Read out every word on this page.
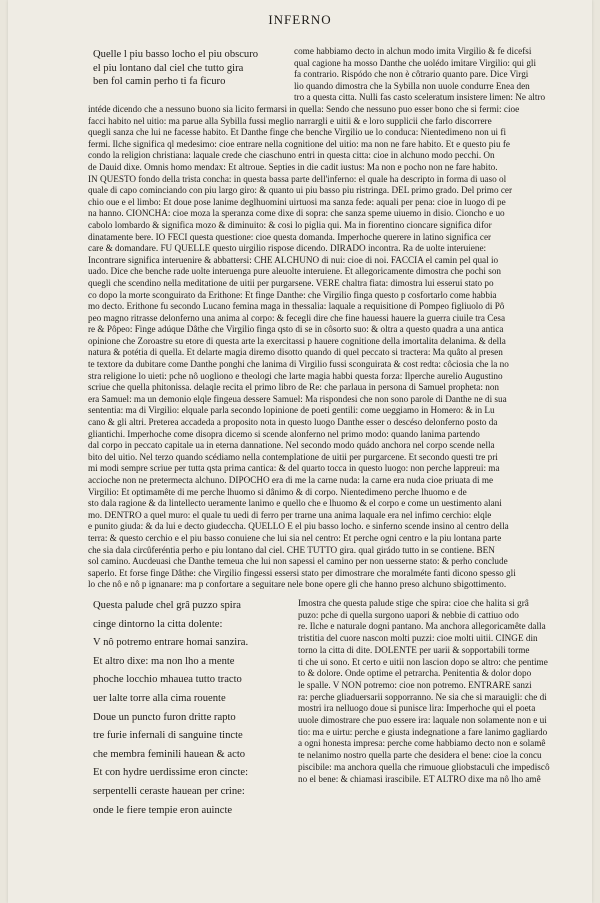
INFERNO
Quelle l piu basso locho el piu obscuro
el piu lontano dal ciel che tutto gira
ben fol camin perho ti fa ficuro
come habbiamo decto in alchun modo imita Virgilio & fe dicefsi
qual cagione ha mosso Danthe che uolédo imitare Virgilio: qui gli
fa contrario. Rispódo che non è côtrario quanto pare. Dice Virgi
lio quando dimostra che la Sybilla non uuole condurre Enea den
tro a questa citta. Nulli fas casto sceleratum insistere limen: Ne altro
intéde dicendo che a nessuno buono sia licito fermarsi in quella: Sendo che nessuno puo esser bono che si fermi: cioe
facci habito nel uitio: ma parue alla Sybilla fussi meglio narrargli e uitii & e loro supplicii che farlo discorrere
quegli sanza che lui ne facesse habito. Et Danthe finge che benche Virgilio ue lo conduca: Nientedimeno non ui fi
fermi. Ilche significa ql medesimo: cioe entrare nella cognitione del uitio: ma non ne fare habito. Et e questo piu fe
condo la religion christiana: laquale crede che ciaschuno entri in questa citta: cioe in alchuno modo pecchi. On
de Dauid dixe. Omnis homo mendax: Et altroue. Septies in die cadit iustus: Ma non e pocho non ne fare habito.
IN QUESTO fondo della trista concha: in questa bassa parte dell'inferno: el quale ha descripto in forma di uaso ol
quale di capo cominciando con piu largo giro: & quanto ui piu basso piu ristringa. DEL primo grado. Del primo cer
chio oue e el limbo: Et doue pose lanime deglhuomini uirtuosi ma sanza fede: aquali per pena: cioe in luogo di pe
na hanno. CIONCHA: cioe moza la speranza come dixe di sopra: che sanza speme uiuemo in disio. Cioncho e uo
cabolo lombardo & significa mozo & diminuito: & cosi lo piglia qui. Ma in fiorentino cioncare significa difor
dinatamente bere. IO FECI questa questione: cioe questa domanda. Imperhoche querere in latino significa cer
care & domandare. FU QUELLE questo uirgilio rispose dicendo. DIRADO incontra. Ra de uolte interuiene:
Incontrare significa interuenire & abbattersi: CHE ALCHUNO di nui: cioe di noi. FACCIA el camin pel qual io
uado. Dice che benche rade uolte interuenga pure aleuolte interuiene. Et allegoricamente dimostra che pochi son
quegli che scendino nella meditatione de uitii per purgarsene. VERE chaltra fiata: dimostra lui esserui stato po
co dopo la morte sconguirato da Erithone: Et finge Danthe: che Virgilio finga questo p cosfortarlo come habbia
mo decto. Erithone fu secondo Lucano femina maga in thessalia: laquale a requisitione di Pompeo figliuolo di Pô
peo magno ritrasse delonferno una anima al corpo: & fecegli dire che fine hauessi hauere la guerra ciuile tra Cesa
re & Pôpeo: Finge adúque Dâthe che Virgilio finga qsto di se in côsorto suo: & oltra a questo quadra a una antica
opinione che Zoroastre su etore di questa arte la exercitassi p hauere cognitione della imortalita delanima. & della
natura & potétia di quella. Et delarte magia diremo disotto quando di quel peccato si tractera: Ma quâto al presen
te textore da dubitare come Danthe ponghi che lanima di Virgilio fussi sconguirata & cost redta: côciosia che la no
stra religione lo uieti: pche nô uogliono e theologi che larte magia habbi questa forza: Ilperche aurelio Augustino
scriue che quella phitonissa. delaqle recita el primo libro de Re: che parlaua in persona di Samuel propheta: non
era Samuel: ma un demonio elqle fingeua dessere Samuel: Ma rispondesi che non sono parole di Danthe ne di sua
sententia: ma di Virgilio: elquale parla secondo lopinione de poeti gentili: come ueggiamo in Homero: & in Lu
cano & gli altri. Preterea accadeda a proposito nota in questo luogo Danthe esser o descéso delonferno posto da
gliantichi. Imperhoche come disopra dicemo si scende alonferno nel primo modo: quando lanima partendo
dal corpo in peccato capitale ua in eterna dannatione. Nel secondo modo quádo anchora nel corpo scende nella
bito del uitio. Nel terzo quando scédiamo nella contemplatione de uitii per purgarcene. Et secondo questi tre pri
mi modi sempre scriue per tutta qsta prima cantica: & del quarto tocca in questo luogo: non perche lappreui: ma
accioche non ne pretermecta alchuno. DIPOCHO era di me la carne nuda: la carne era nuda cioe priuata di me
Virgilio: Et optimamête di me perche lhuomo si dânimo & di corpo. Nientedimeno perche lhuomo e de
sto dala ragione & da lintellecto ueramente lanimo e quello che e lhuomo & el corpo e come un uestimento alani
mo. DENTRO a quel muro: el quale tu uedi di ferro per trarne una anima laquale era nel infimo cerchio: elqle
e punito giuda: & da lui e decto giudeccha. QUELLO E el piu basso locho. e sinferno scende insino al centro della
terra: & questo cerchio e el piu basso conuiene che lui sia nel centro: Et perche ogni centro e la piu lontana parte
che sia dala circûferéntia perho e piu lontano dal ciel. CHE TUTTO gira. qual girádo tutto in se contiene. BEN
sol camino. Aucdeuasi che Danthe temeua che lui non sapessi el camino per non uesserne stato: & perho conclude
saperlo. Et forse finge Dâthe: che Virgilio fingessi essersi stato per dimostrare che moralméte fanti dicono spesso gli
lo che nô e nô p ignanare: ma p confortare a seguitare nele bone opere gli che hanno preso alchuno sbigottimento.
Questa palude chel grâ puzzo spira
cinge dintorno la citta dolente:
V nô potremo entrare homai sanzira.
Et altro dixe: ma non lho a mente
phoche locchio mhauea tutto tracto
uer lalte torre alla cima rouente
Doue un puncto furon dritte rapto
tre furie infernali di sanguine tincte
che membra feminili hauean & acto
Et con hydre uerdissime eron cincte:
serpentelli ceraste hauean per crine:
onde le fiere tempie eron auincte
Imostra che questa palude stige che spira: cioe che halita si grâ
puzo: pche di quella surgono uapori & nebbie di cattiuo odo
re. Ilche e naturale dogni pantano. Ma anchora allegoricamête dalla
tristitia del cuore nascon molti puzzi: cioe molti uitii. CINGE din
torno la citta di dite. DOLENTE per uarii & sopportabili torme
ti che ui sono. Et certo e uitii non lascion dopo se altro: che pentime
to & dolore. Onde optime el petrarcha. Penitentia & dolor dopo
le spalle. V NON potremo: cioe non potremo. ENTRARE sanzi
ra: perche gliaduersarii sopporranno. Ne sia che si marauigli: che di
mostri ira nelluogo doue si punisce lira: Imperhoche qui el poeta
uuole dimostrare che puo essere ira: laquale non solamente non e ui
tio: ma e uirtu: perche e giusta indegnatione a fare lanimo gagliardo
a ogni honesta impresa: perche come habbiamo decto non e solamê
te nelanimo nostro quella parte che desidera el bene: cioe la concu
piscibile: ma anchora quella che rimuoue gliobstaculi che impediscô
no el bene: & chiamasi irascibile. ET ALTRO dixe ma nô lho amê
